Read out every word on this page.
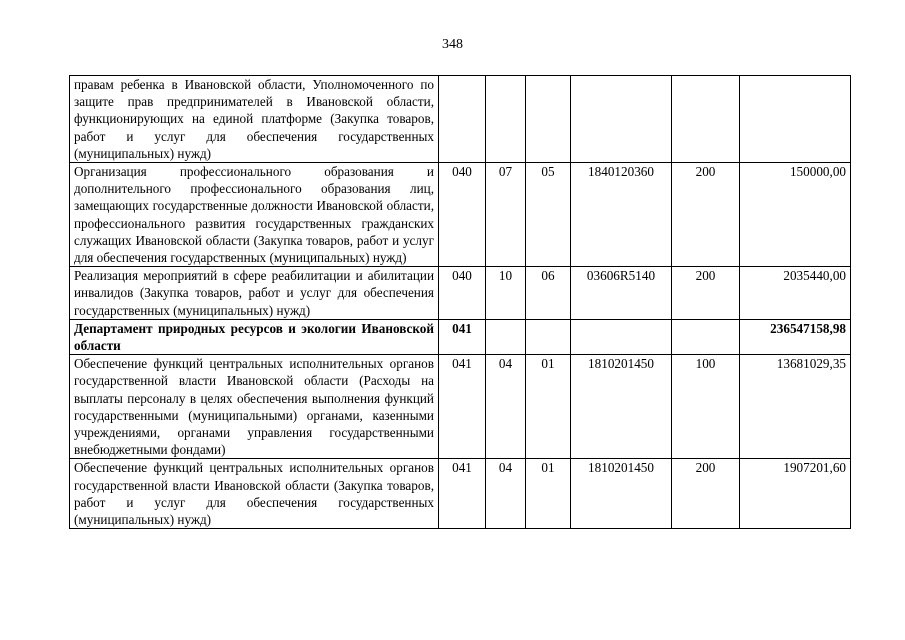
348
правам ребенка в Ивановской области, Уполномоченного по защите прав предпринимателей в Ивановской области, функционирующих на единой платформе (Закупка товаров, работ и услуг для обеспечения государственных (муниципальных) нужд)						
Организация профессионального образования и дополнительного профессионального образования лиц, замещающих государственные должности Ивановской области, профессионального развития государственных гражданских служащих Ивановской области (Закупка товаров, работ и услуг для обеспечения государственных (муниципальных) нужд)	040	07	05	1840120360	200	150000,00
Реализация мероприятий в сфере реабилитации и абилитации инвалидов (Закупка товаров, работ и услуг для обеспечения государственных (муниципальных) нужд)	040	10	06	03606R5140	200	2035440,00
Департамент природных ресурсов и экологии Ивановской области	041					236547158,98
Обеспечение функций центральных исполнительных органов государственной власти Ивановской области (Расходы на выплаты персоналу в целях обеспечения выполнения функций государственными (муниципальными) органами, казенными учреждениями, органами управления государственными внебюджетными фондами)	041	04	01	1810201450	100	13681029,35
Обеспечение функций центральных исполнительных органов государственной власти Ивановской области (Закупка товаров, работ и услуг для обеспечения государственных (муниципальных) нужд)	041	04	01	1810201450	200	1907201,60
